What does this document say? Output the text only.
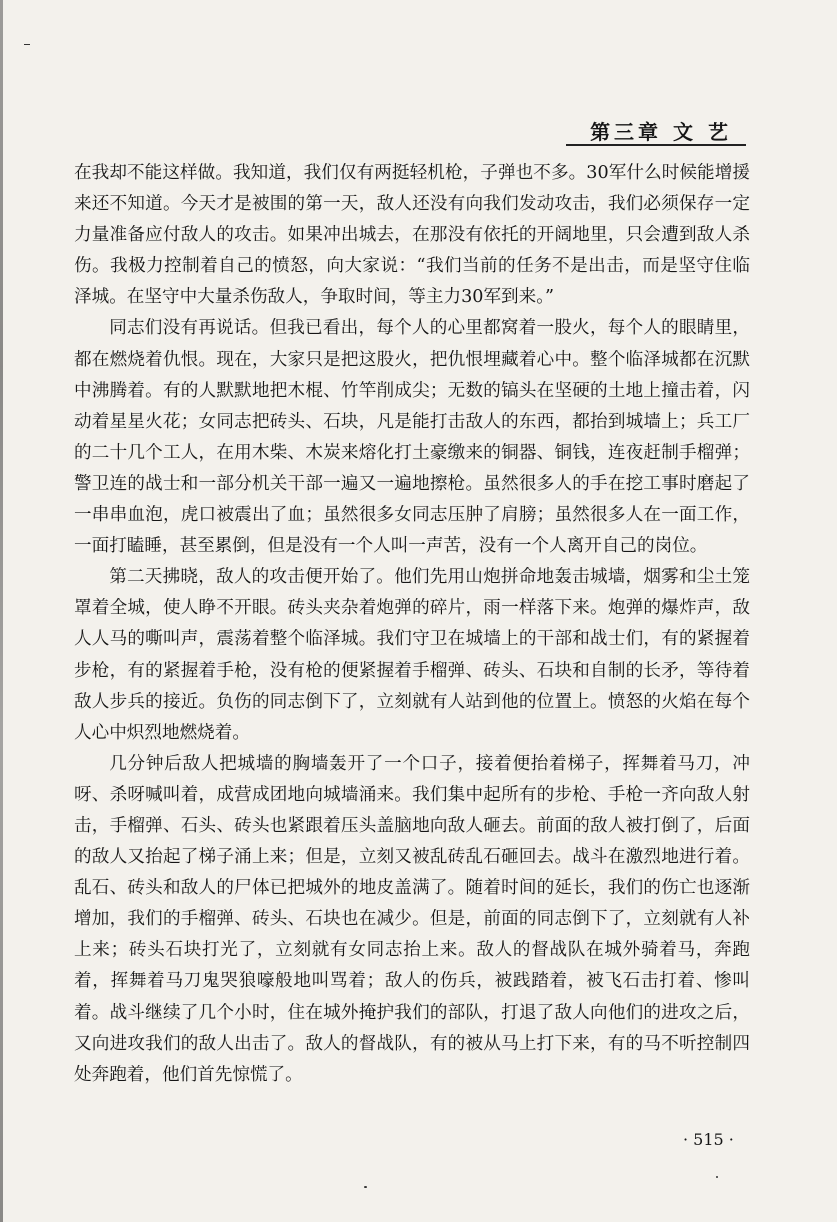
第三章 文 艺

在我却不能这样做。我知道，我们仅有两挺轻机枪，子弹也不多。30军什么时候能增援来还不知道。今天才是被围的第一天，敌人还没有向我们发动攻击，我们必须保存一定力量准备应付敌人的攻击。如果冲出城去，在那没有依托的开阔地里，只会遭到敌人杀伤。我极力控制着自己的愤怒，向大家说：“我们当前的任务不是出击，而是坚守住临泽城。在坚守中大量杀伤敌人，争取时间，等主力30军到来。”

同志们没有再说话。但我已看出，每个人的心里都窝着一股火，每个人的眼睛里，都在燃烧着仇恨。现在，大家只是把这股火，把仇恨埋藏着心中。整个临泽城都在沉默中沸腾着。有的人默默地把木棍、竹竿削成尖；无数的镐头在坚硬的土地上撞击着，闪动着星星火花；女同志把砖头、石块，凡是能打击敌人的东西，都抬到城墙上；兵工厂的二十几个工人，在用木柴、木炭来熔化打土豪缴来的铜器、铜钱，连夜赶制手榴弹；警卫连的战士和一部分机关干部一遍又一遍地擦枪。虽然很多人的手在挖工事时磨起了一串串血泡，虎口被震出了血；虽然很多女同志压肿了肩膀；虽然很多人在一面工作，一面打瞌睡，甚至累倒，但是没有一个人叫一声苦，没有一个人离开自己的岗位。

第二天拂晓，敌人的攻击便开始了。他们先用山炮拼命地轰击城墙，烟雾和尘土笼罩着全城，使人睁不开眼。砖头夹杂着炮弹的碎片，雨一样落下来。炮弹的爆炸声，敌人人马的嘶叫声，震荡着整个临泽城。我们守卫在城墙上的干部和战士们，有的紧握着步枪，有的紧握着手枪，没有枪的便紧握着手榴弹、砖头、石块和自制的长矛，等待着敌人步兵的接近。负伤的同志倒下了，立刻就有人站到他的位置上。愤怒的火焰在每个人心中炽烈地燃烧着。

几分钟后敌人把城墙的胸墙轰开了一个口子，接着便抬着梯子，挥舞着马刀，冲呀、杀呀喊叫着，成营成团地向城墙涌来。我们集中起所有的步枪、手枪一齐向敌人射击，手榴弹、石头、砖头也紧跟着压头盖脑地向敌人砸去。前面的敌人被打倒了，后面的敌人又抬起了梯子涌上来；但是，立刻又被乱砖乱石砸回去。战斗在激烈地进行着。乱石、砖头和敌人的尸体已把城外的地皮盖满了。随着时间的延长，我们的伤亡也逐渐增加，我们的手榴弹、砖头、石块也在减少。但是，前面的同志倒下了，立刻就有人补上来；砖头石块打光了，立刻就有女同志抬上来。敌人的督战队在城外骑着马，奔跑着，挥舞着马刀鬼哭狼嚎般地叫骂着；敌人的伤兵，被践踏着，被飞石击打着、惨叫着。战斗继续了几个小时，住在城外掩护我们的部队，打退了敌人向他们的进攻之后，又向进攻我们的敌人出击了。敌人的督战队，有的被从马上打下来，有的马不听控制四处奔跑着，他们首先惊慌了。

· 515 ·
